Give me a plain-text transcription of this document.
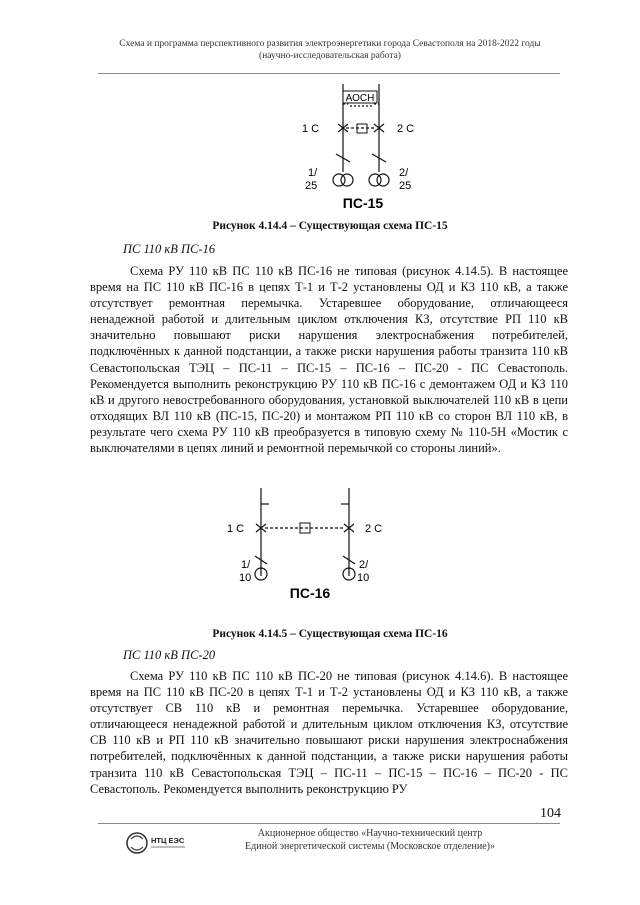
Схема и программа перспективного развития электроэнергетики города Севастополя на 2018-2022 годы
(научно-исследовательская работа)
АОСН
1 С	2 С
1/
25
2/
25
ПС-15
Рисунок 4.14.4 – Существующая схема ПС-15
ПС 110 кВ ПС-16

Схема РУ 110 кВ ПС 110 кВ ПС-16 не типовая (рисунок 4.14.5). В настоящее время на ПС 110 кВ ПС-16 в цепях Т-1 и Т-2 установлены ОД и КЗ 110 кВ, а также отсутствует ремонтная перемычка. Устаревшее оборудование, отличающееся ненадежной работой и длительным циклом отключения КЗ, отсутствие РП 110 кВ значительно повышают риски нарушения электроснабжения потребителей, подключённых к данной подстанции, а также риски нарушения работы транзита 110 кВ Севастопольская ТЭЦ – ПС-11 – ПС-15 – ПС-16 – ПС-20 - ПС Севастополь. Рекомендуется выполнить реконструкцию РУ 110 кВ ПС-16 с демонтажем ОД и КЗ 110 кВ и другого невостребованного оборудования, установкой выключателей 110 кВ в цепи отходящих ВЛ 110 кВ (ПС-15, ПС-20) и монтажом РП 110 кВ со сторон ВЛ 110 кВ, в результате чего схема РУ 110 кВ преобразуется в типовую схему № 110-5Н «Мостик с выключателями в цепях линий и ремонтной перемычкой со стороны линий».

1 С	2 С
1/
10
2/
10
ПС-16
Рисунок 4.14.5 – Существующая схема ПС-16
ПС 110 кВ ПС-20

Схема РУ 110 кВ ПС 110 кВ ПС-20 не типовая (рисунок 4.14.6). В настоящее время на ПС 110 кВ ПС-20 в цепях Т-1 и Т-2 установлены ОД и КЗ 110 кВ, а также отсутствует СВ 110 кВ и ремонтная перемычка. Устаревшее оборудование, отличающееся ненадежной работой и длительным циклом отключения КЗ, отсутствие СВ 110 кВ и РП 110 кВ значительно повышают риски нарушения электроснабжения потребителей, подключённых к данной подстанции, а также риски нарушения работы транзита 110 кВ Севастопольская ТЭЦ – ПС-11 – ПС-15 – ПС-16 – ПС-20 - ПС Севастополь. Рекомендуется выполнить реконструкцию РУ

104
НТЦ ЕЭС
Акционерное общество «Научно-технический центр
Единой энергетической системы (Московское отделение)»
